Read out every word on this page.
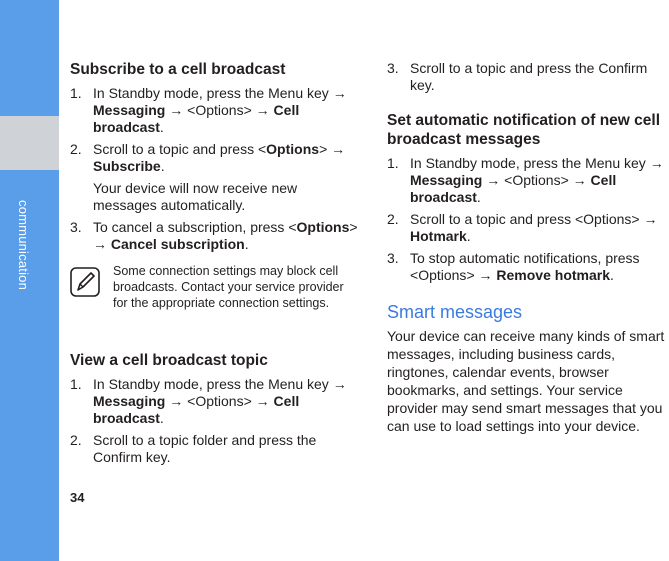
communication
34
Subscribe to a cell broadcast
1. In Standby mode, press the Menu key → Messaging → <Options> → Cell broadcast.
2. Scroll to a topic and press <Options> → Subscribe.
Your device will now receive new messages automatically.
3. To cancel a subscription, press <Options> → Cancel subscription.
Some connection settings may block cell broadcasts. Contact your service provider for the appropriate connection settings.
View a cell broadcast topic
1. In Standby mode, press the Menu key → Messaging → <Options> → Cell broadcast.
2. Scroll to a topic folder and press the Confirm key.
3. Scroll to a topic and press the Confirm key.
Set automatic notification of new cell broadcast messages
1. In Standby mode, press the Menu key → Messaging → <Options> → Cell broadcast.
2. Scroll to a topic and press <Options> → Hotmark.
3. To stop automatic notifications, press <Options> → Remove hotmark.
Smart messages

Your device can receive many kinds of smart messages, including business cards, ringtones, calendar events, browser bookmarks, and settings. Your service provider may send smart messages that you can use to load settings into your device.
